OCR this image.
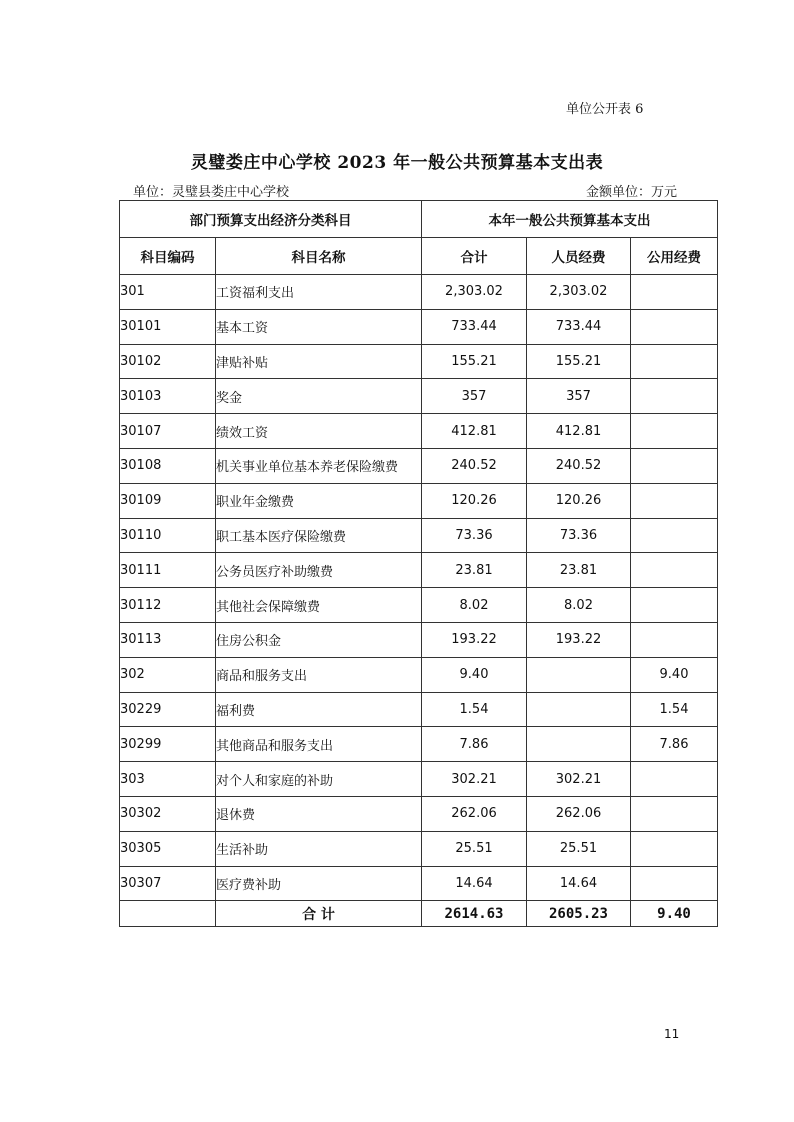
单位公开表 6
灵璧娄庄中心学校 2023 年一般公共预算基本支出表
单位：灵璧县娄庄中心学校	金额单位：万元
部门预算支出经济分类科目		本年一般公共预算基本支出		
科目编码	科目名称	合计	人员经费	公用经费
301	工资福利支出	2,303.02	2,303.02	
30101	基本工资	733.44	733.44	
30102	津贴补贴	155.21	155.21	
30103	奖金	357	357	
30107	绩效工资	412.81	412.81	
30108	机关事业单位基本养老保险缴费	240.52	240.52	
30109	职业年金缴费	120.26	120.26	
30110	职工基本医疗保险缴费	73.36	73.36	
30111	公务员医疗补助缴费	23.81	23.81	
30112	其他社会保障缴费	8.02	8.02	
30113	住房公积金	193.22	193.22	
302	商品和服务支出	9.40		9.40
30229	福利费	1.54		1.54
30299	其他商品和服务支出	7.86		7.86
303	对个人和家庭的补助	302.21	302.21	
30302	退休费	262.06	262.06	
30305	生活补助	25.51	25.51	
30307	医疗费补助	14.64	14.64	
	合 计	2614.63	2605.23	9.40
11
